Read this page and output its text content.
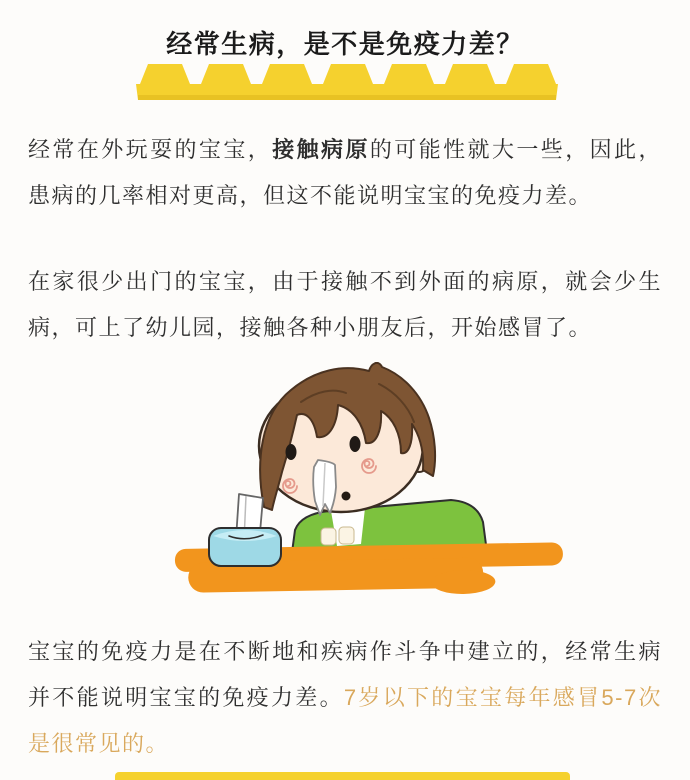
经常生病，是不是免疫力差？
经常在外玩耍的宝宝，接触病原的可能性就大一些，因此，患病的几率相对更高，但这不能说明宝宝的免疫力差。
在家很少出门的宝宝，由于接触不到外面的病原，就会少生病，可上了幼儿园，接触各种小朋友后，开始感冒了。
宝宝的免疫力是在不断地和疾病作斗争中建立的，经常生病并不能说明宝宝的免疫力差。7岁以下的宝宝每年感冒5-7次是很常见的。
